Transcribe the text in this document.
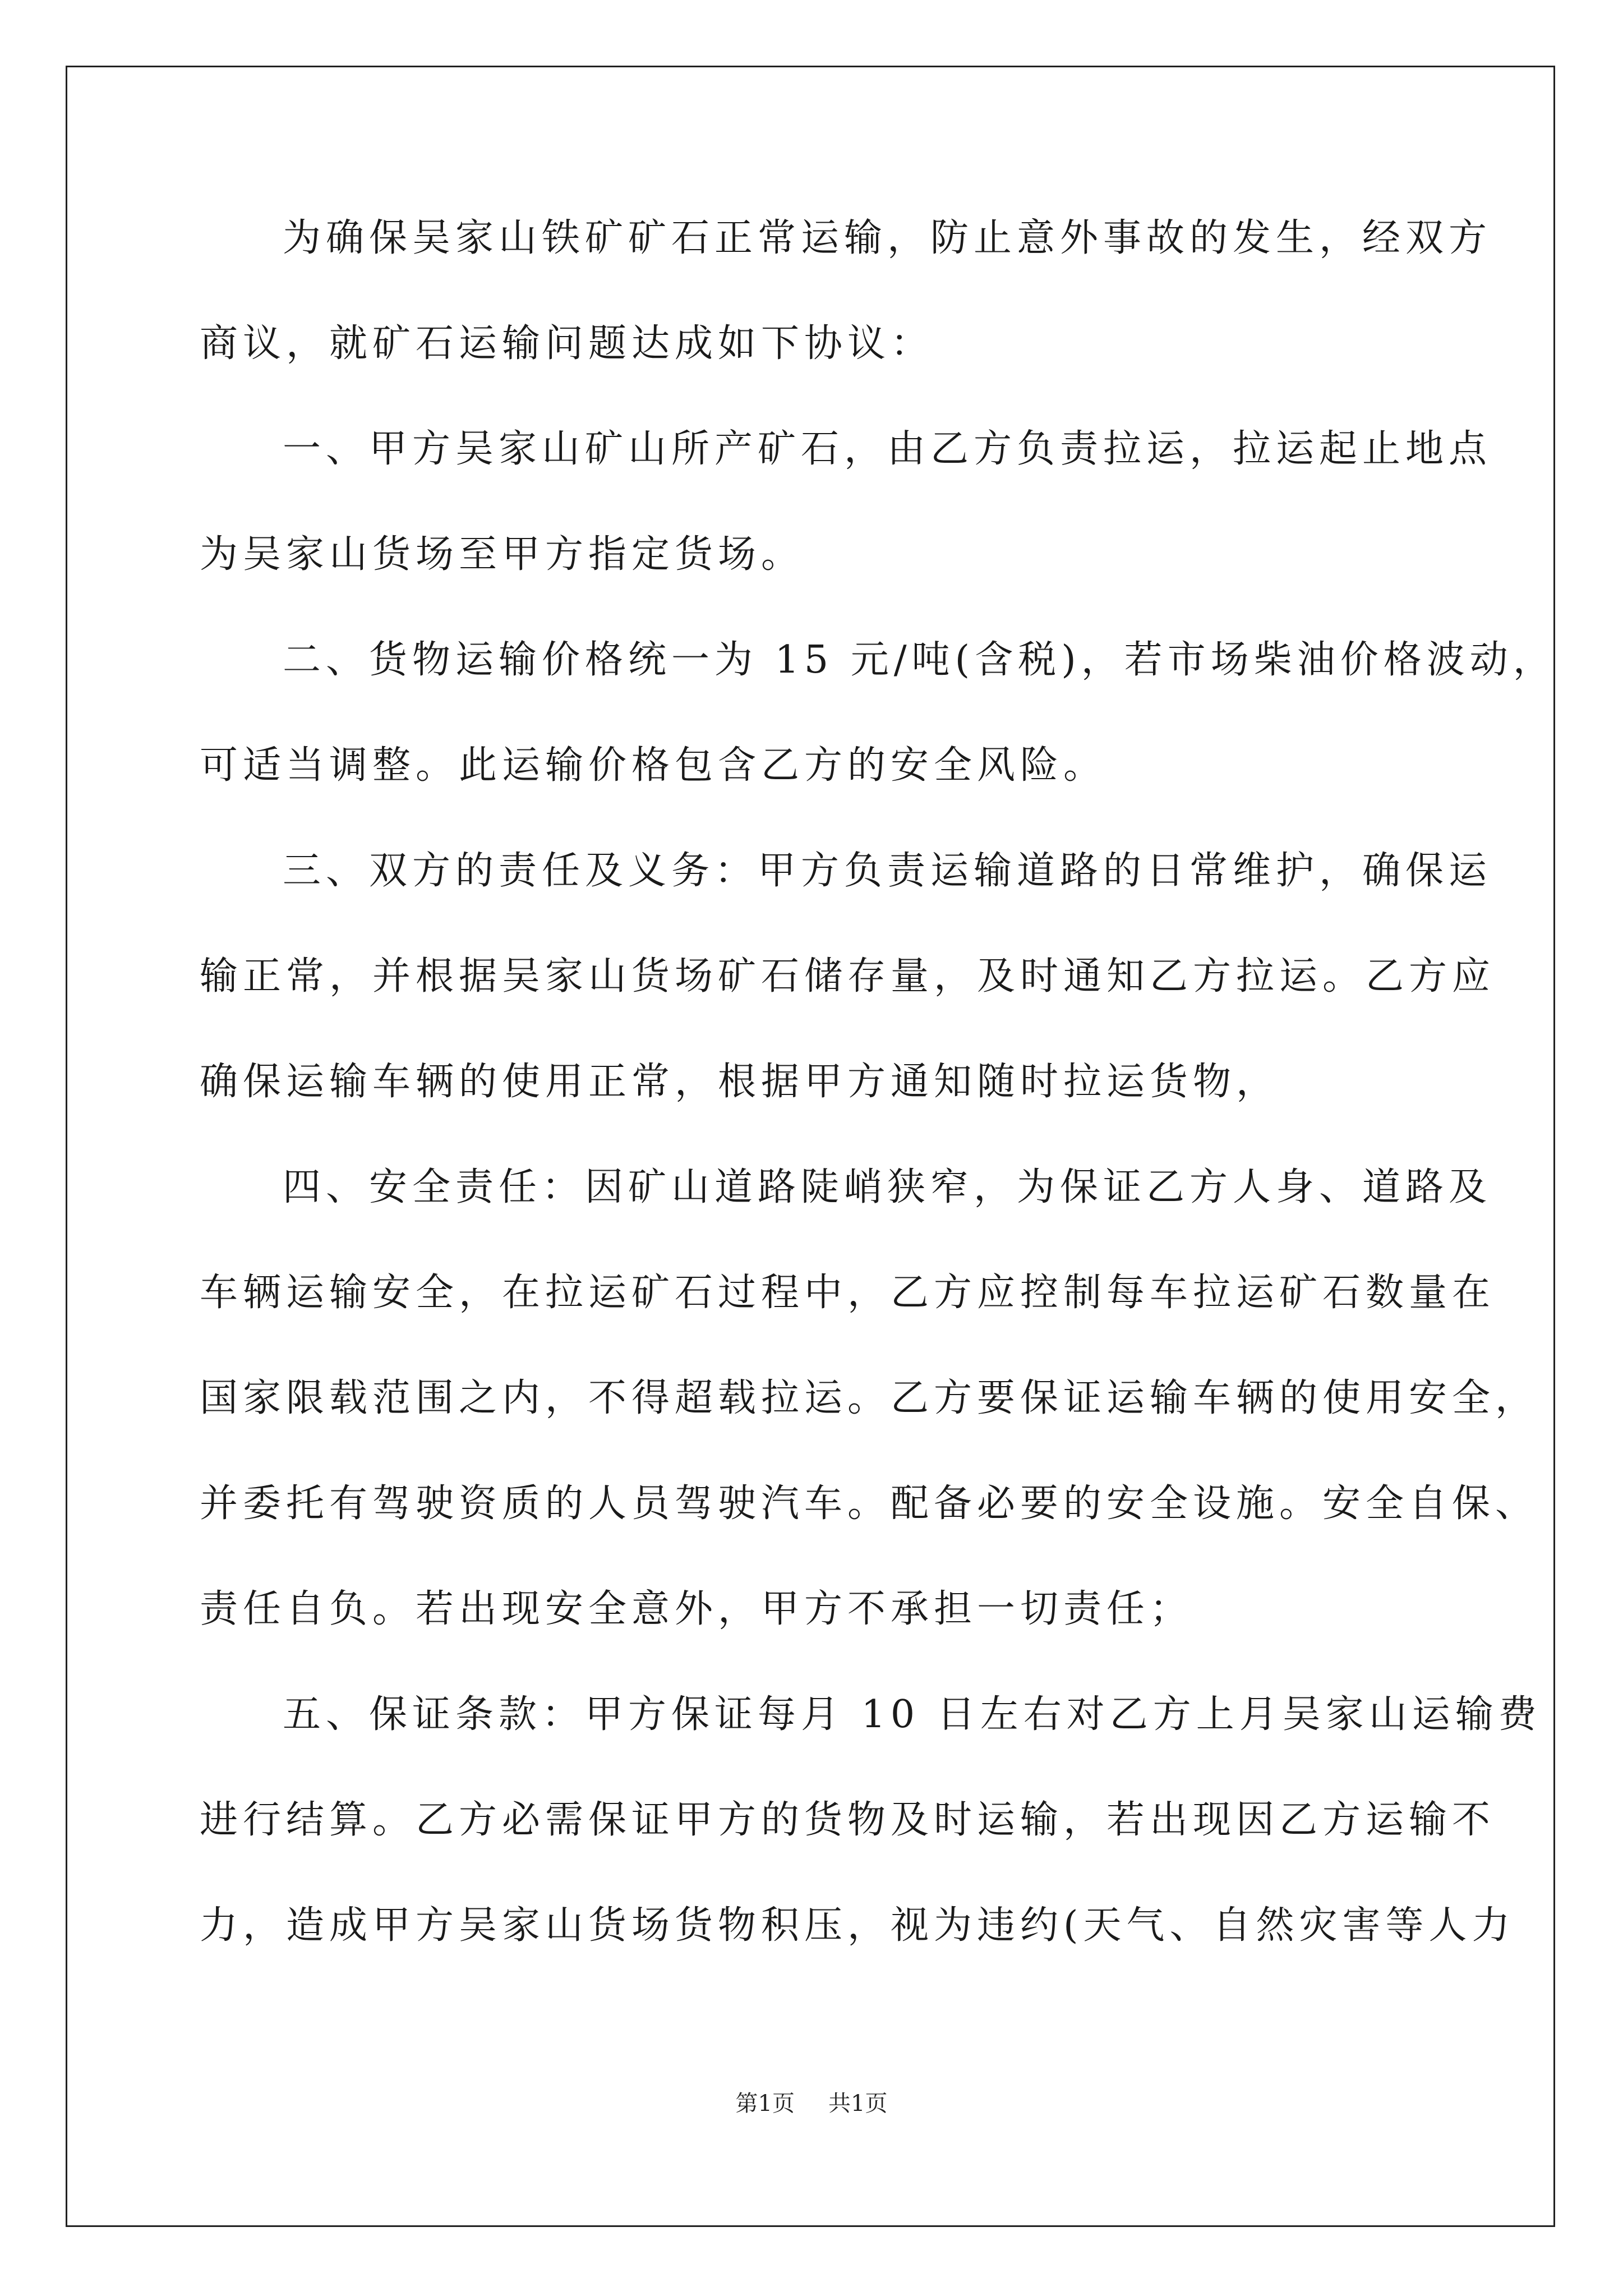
为确保吴家山铁矿矿石正常运输，防止意外事故的发生，经双方
商议，就矿石运输问题达成如下协议：
一、甲方吴家山矿山所产矿石，由乙方负责拉运，拉运起止地点
为吴家山货场至甲方指定货场。
二、货物运输价格统一为 15 元/吨(含税)，若市场柴油价格波动，
可适当调整。此运输价格包含乙方的安全风险。
三、双方的责任及义务：甲方负责运输道路的日常维护，确保运
输正常，并根据吴家山货场矿石储存量，及时通知乙方拉运。乙方应
确保运输车辆的使用正常，根据甲方通知随时拉运货物，
四、安全责任：因矿山道路陡峭狭窄，为保证乙方人身、道路及
车辆运输安全，在拉运矿石过程中，乙方应控制每车拉运矿石数量在
国家限载范围之内，不得超载拉运。乙方要保证运输车辆的使用安全，
并委托有驾驶资质的人员驾驶汽车。配备必要的安全设施。安全自保、
责任自负。若出现安全意外，甲方不承担一切责任；
五、保证条款：甲方保证每月 10 日左右对乙方上月吴家山运输费
进行结算。乙方必需保证甲方的货物及时运输，若出现因乙方运输不
力，造成甲方吴家山货场货物积压，视为违约(天气、自然灾害等人力
第1页 共1页
